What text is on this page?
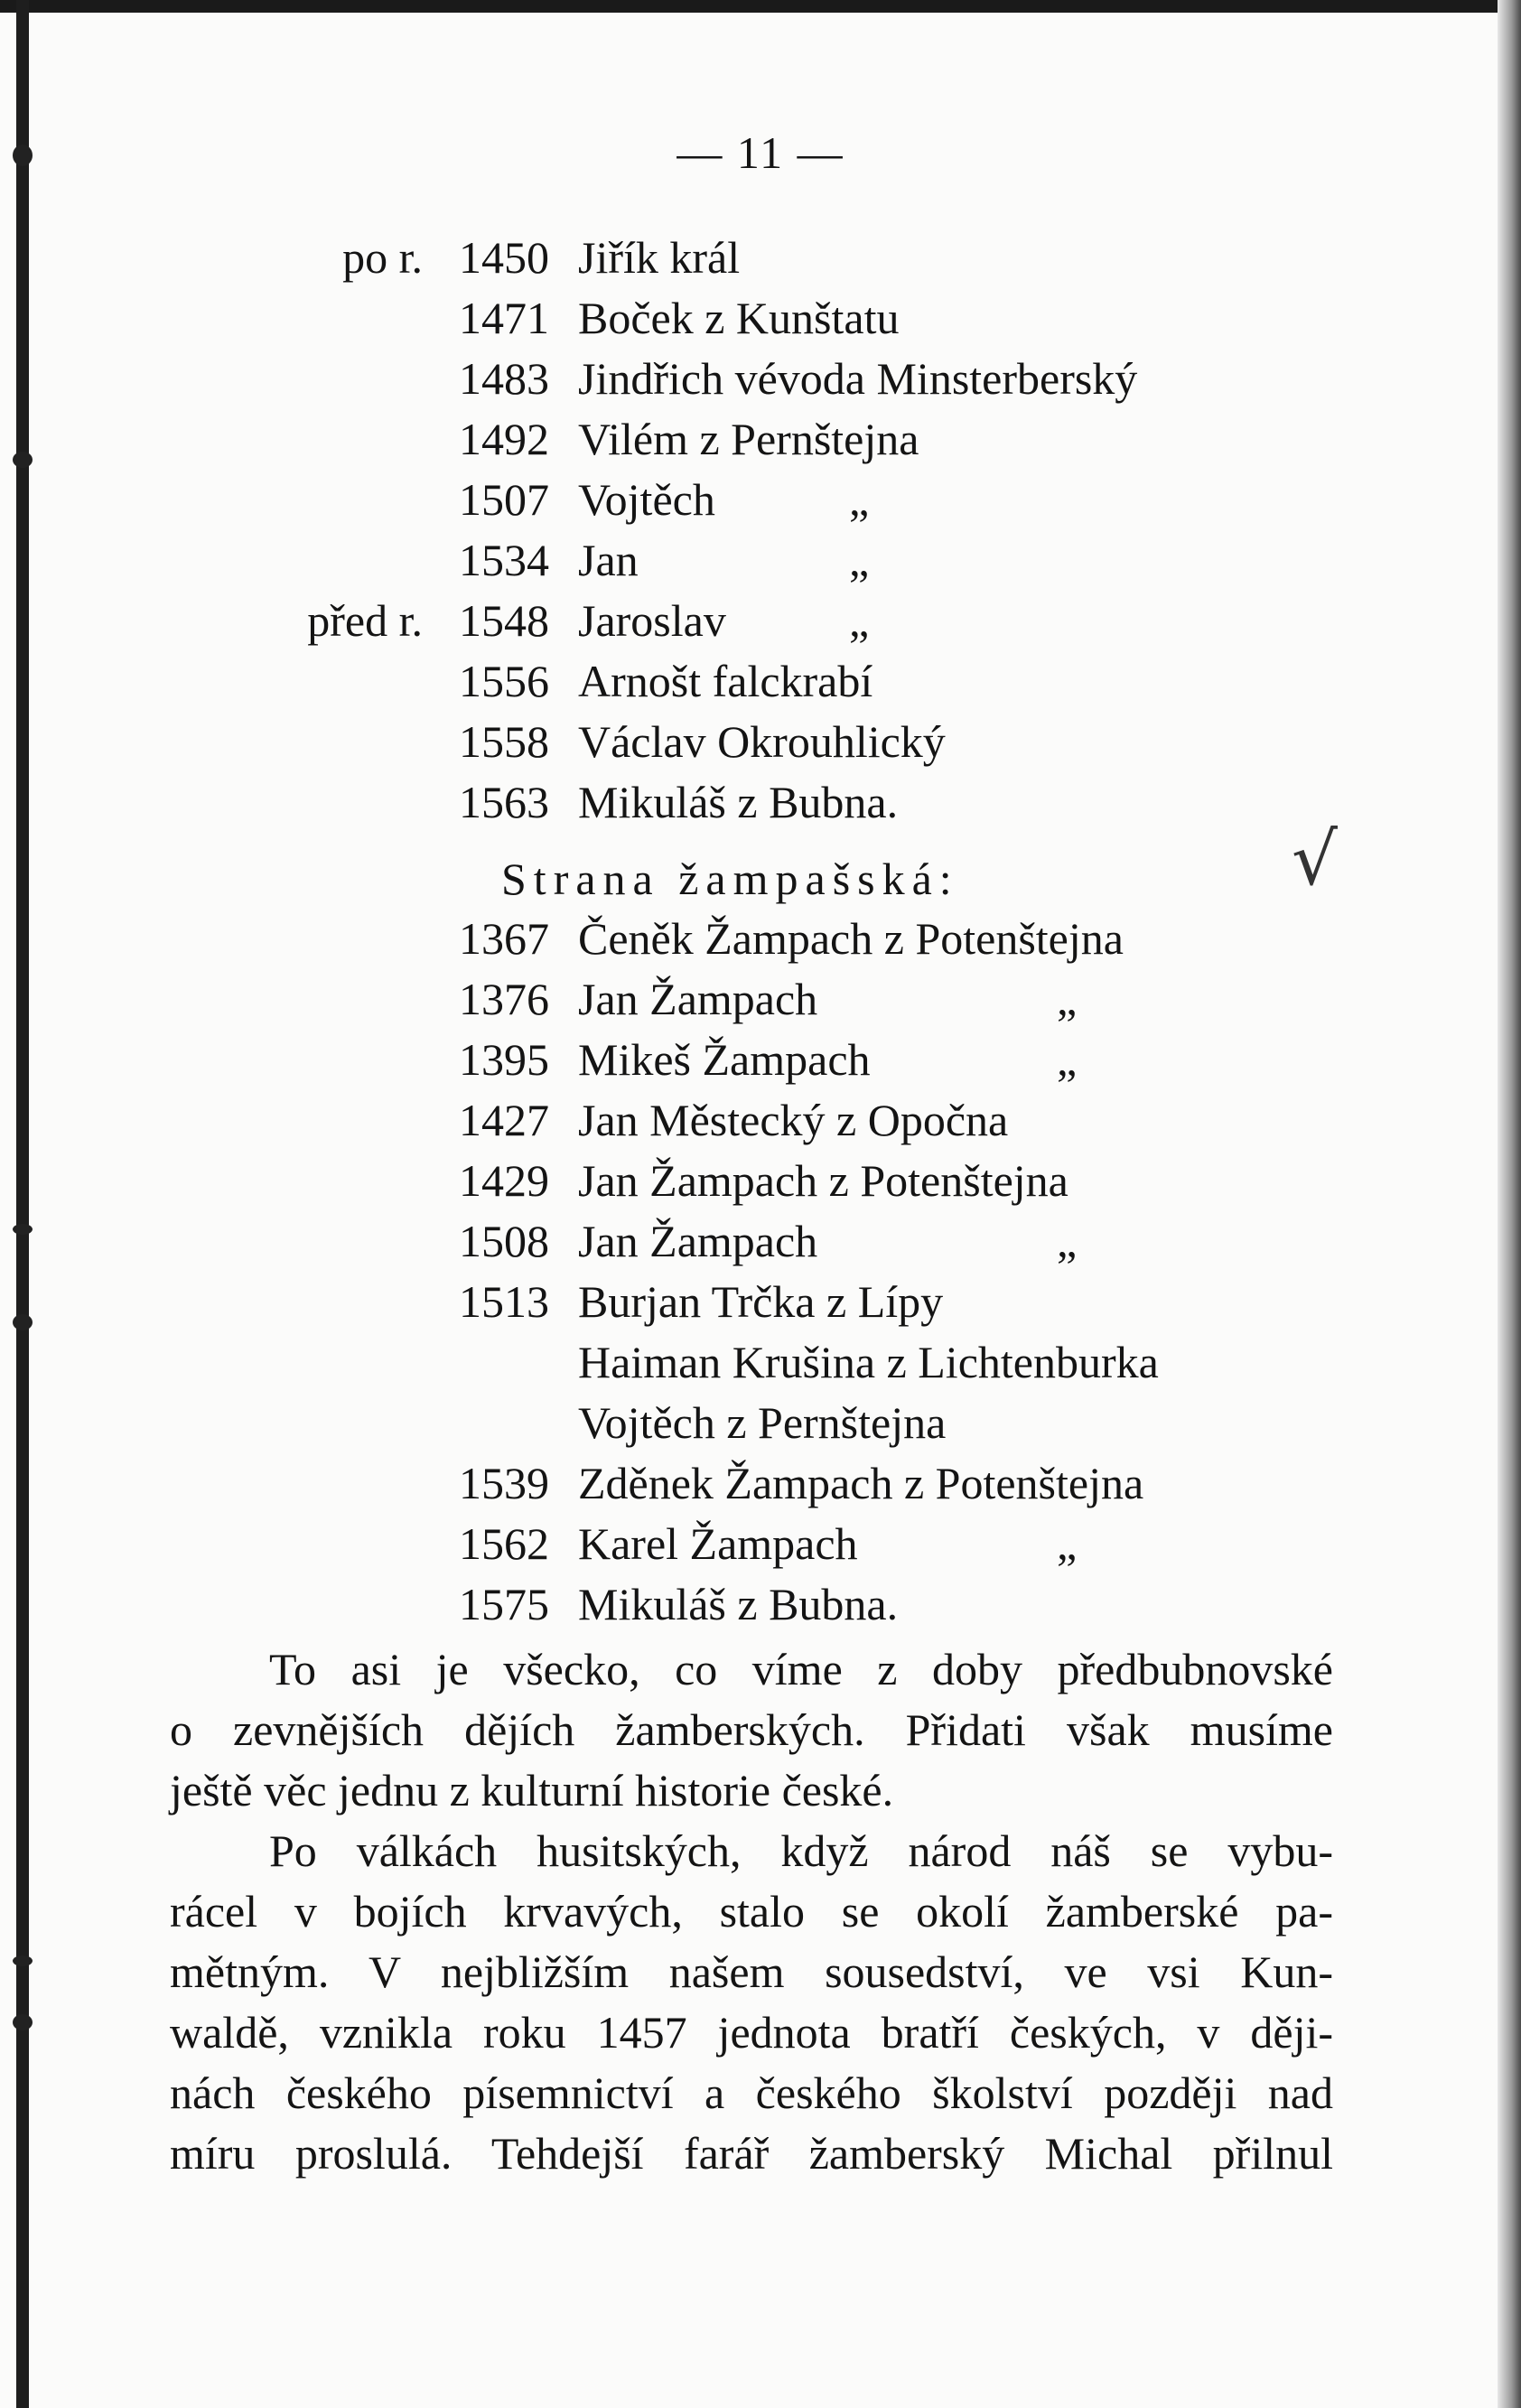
— 11 —
po r. 1450 Jiřík král
1471 Boček z Kunštatu
1483 Jindřich vévoda Minsterberský
1492 Vilém z Pernštejna
1507 Vojtěch	„
1534 Jan	„
před r. 1548 Jaroslav	„
1556 Arnošt falckrabí
1558 Václav Okrouhlický
1563 Mikuláš z Bubna.
Strana žampašská:	√
1367 Čeněk Žampach z Potenštejna
1376 Jan Žampach	„
1395 Mikeš Žampach	„
1427 Jan Městecký z Opočna
1429 Jan Žampach z Potenštejna
1508 Jan Žampach	„
1513 Burjan Trčka z Lípy
Haiman Krušina z Lichtenburka
Vojtěch z Pernštejna
1539 Zděnek Žampach z Potenštejna
1562 Karel Žampach	„
1575 Mikuláš z Bubna.
To asi je všecko, co víme z doby předbubnovské
o zevnějších dějích žamberských. Přidati však musíme
ještě věc jednu z kulturní historie české.
Po válkách husitských, když národ náš se vybu-
rácel v bojích krvavých, stalo se okolí žamberské pa-
mětným. V nejbližším našem sousedství, ve vsi Kun-
waldě, vznikla roku 1457 jednota bratří českých, v ději-
nách českého písemnictví a českého školství později nad
míru proslulá. Tehdejší farář žamberský Michal přilnul
